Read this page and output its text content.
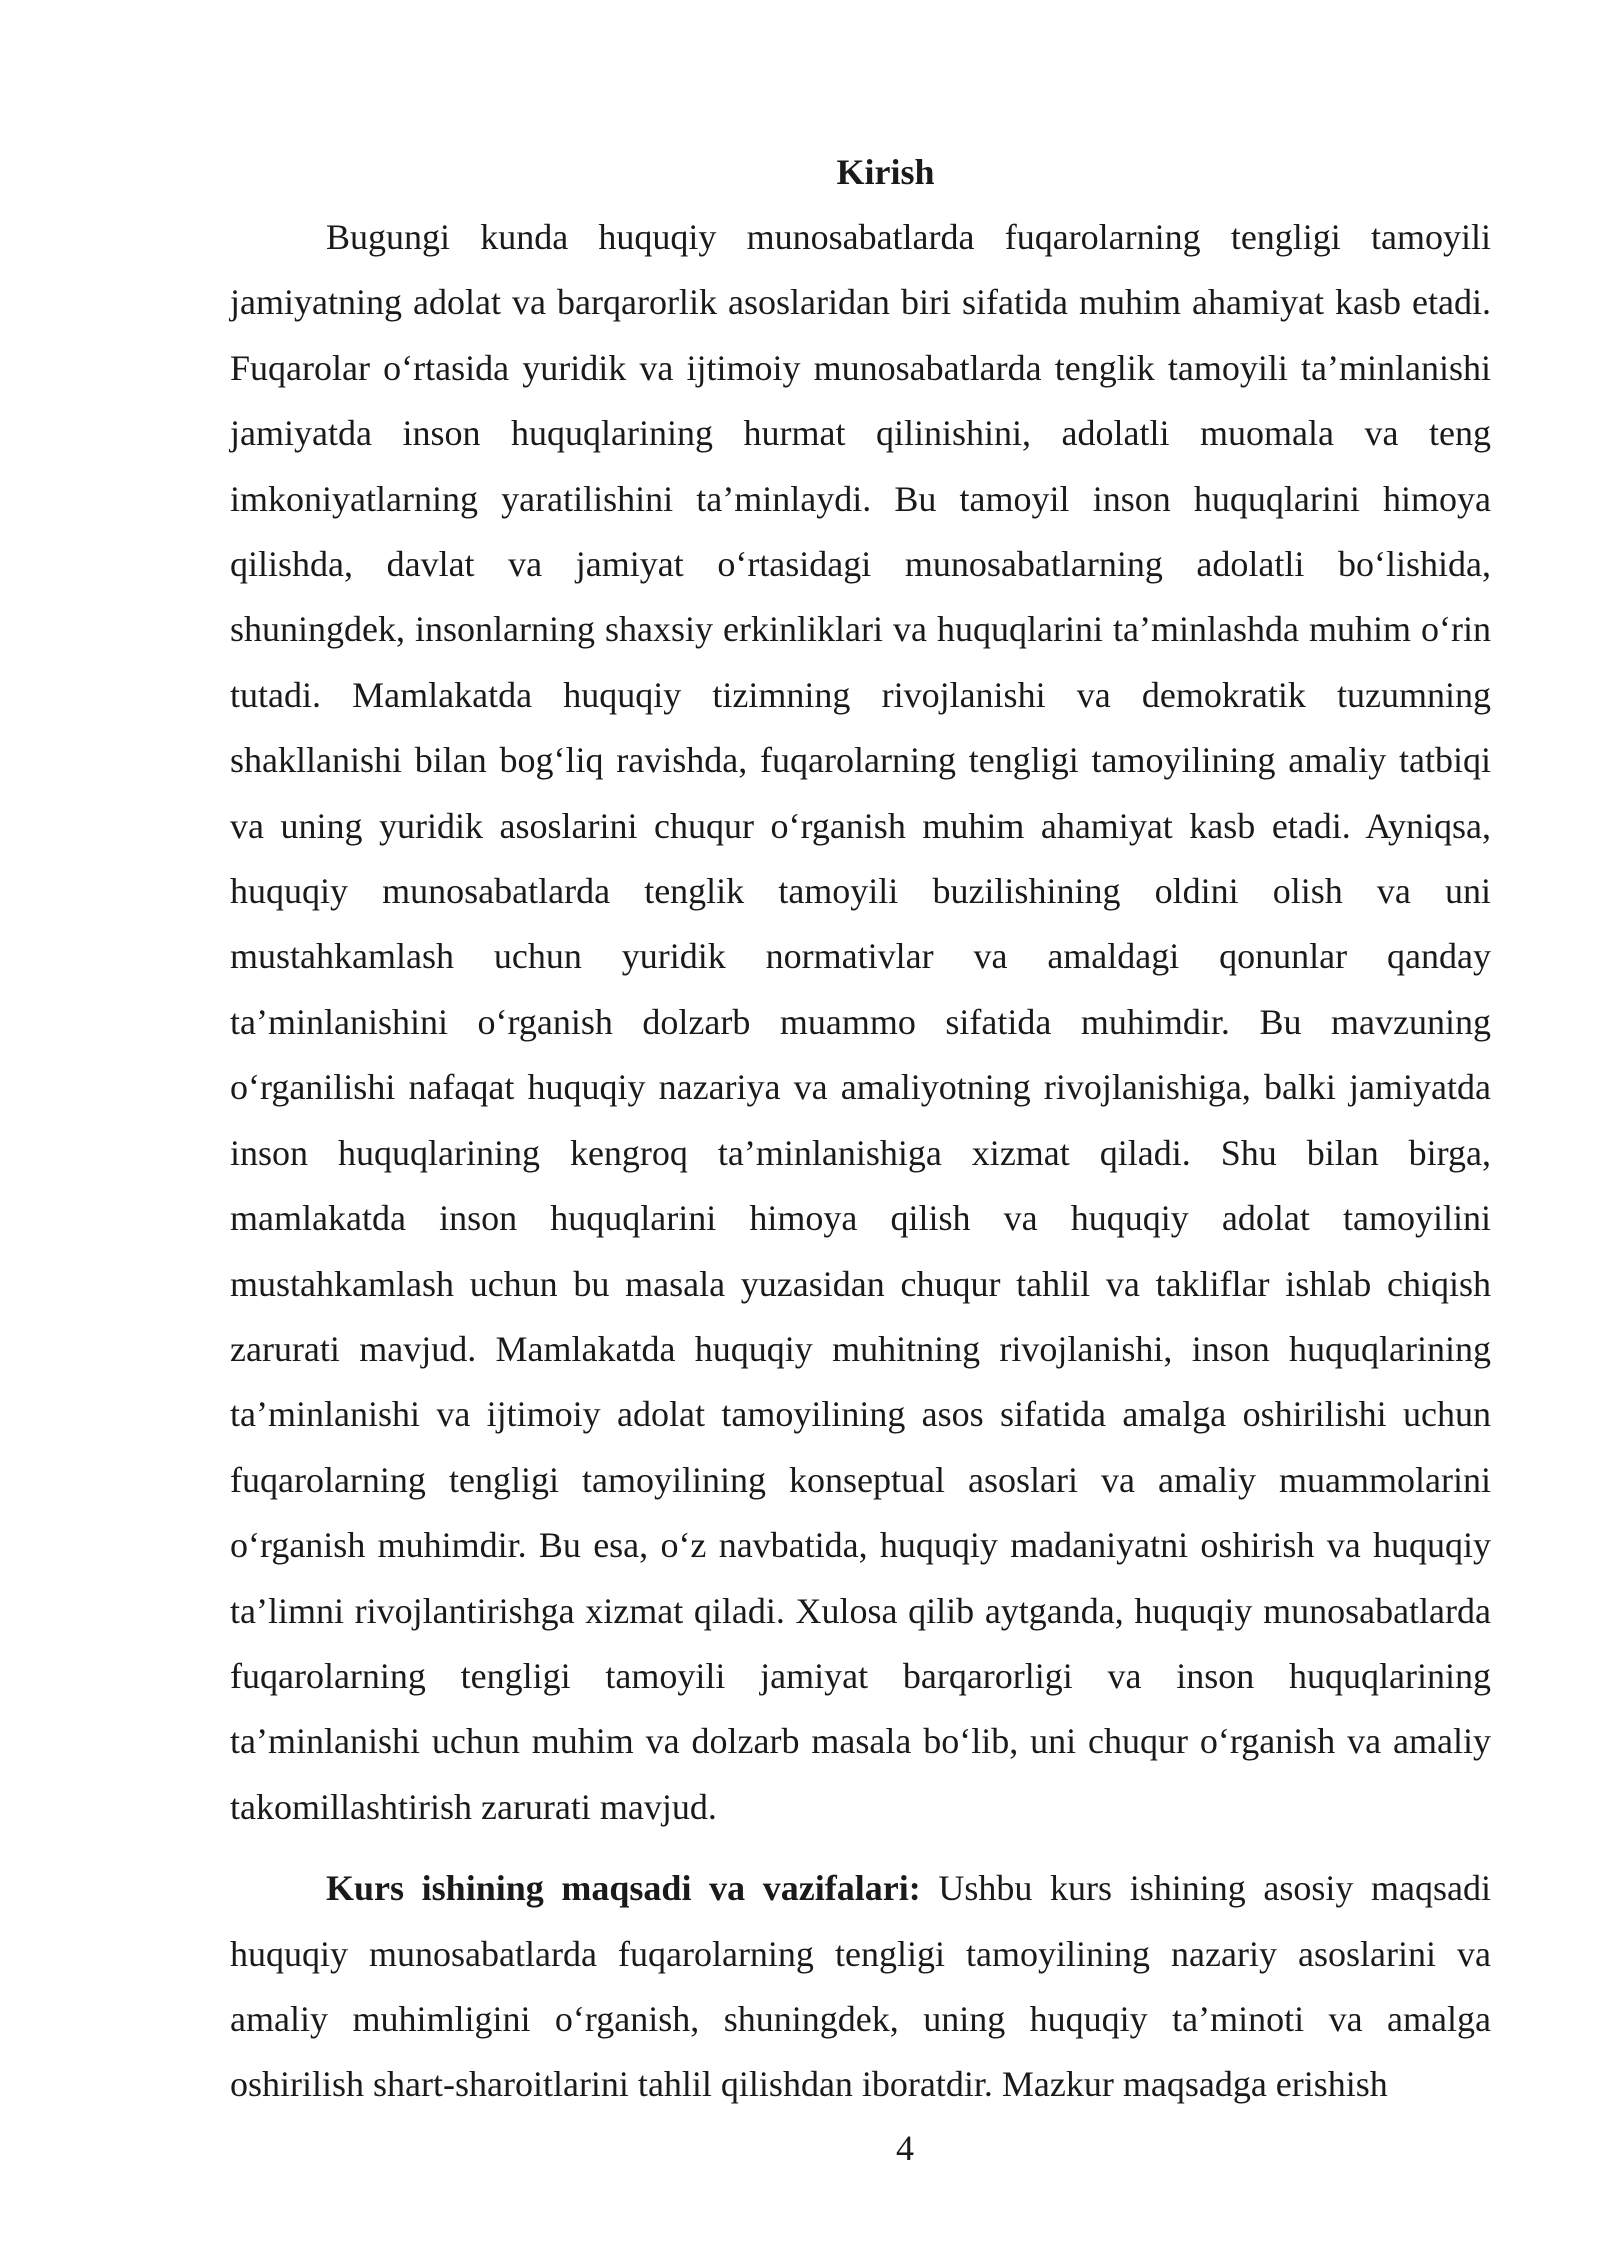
Kirish

Bugungi kunda huquqiy munosabatlarda fuqarolarning tengligi tamoyili jamiyatning adolat va barqarorlik asoslaridan biri sifatida muhim ahamiyat kasb etadi. Fuqarolar o‘rtasida yuridik va ijtimoiy munosabatlarda tenglik tamoyili ta’minlanishi jamiyatda inson huquqlarining hurmat qilinishini, adolatli muomala va teng imkoniyatlarning yaratilishini ta’minlaydi. Bu tamoyil inson huquqlarini himoya qilishda, davlat va jamiyat o‘rtasidagi munosabatlarning adolatli bo‘lishida, shuningdek, insonlarning shaxsiy erkinliklari va huquqlarini ta’minlashda muhim o‘rin tutadi. Mamlakatda huquqiy tizimning rivojlanishi va demokratik tuzumning shakllanishi bilan bog‘liq ravishda, fuqarolarning tengligi tamoyilining amaliy tatbiqi va uning yuridik asoslarini chuqur o‘rganish muhim ahamiyat kasb etadi. Ayniqsa, huquqiy munosabatlarda tenglik tamoyili buzilishining oldini olish va uni mustahkamlash uchun yuridik normativlar va amaldagi qonunlar qanday ta’minlanishini o‘rganish dolzarb muammo sifatida muhimdir. Bu mavzuning o‘rganilishi nafaqat huquqiy nazariya va amaliyotning rivojlanishiga, balki jamiyatda inson huquqlarining kengroq ta’minlanishiga xizmat qiladi. Shu bilan birga, mamlakatda inson huquqlarini himoya qilish va huquqiy adolat tamoyilini mustahkamlash uchun bu masala yuzasidan chuqur tahlil va takliflar ishlab chiqish zarurati mavjud. Mamlakatda huquqiy muhitning rivojlanishi, inson huquqlarining ta’minlanishi va ijtimoiy adolat tamoyilining asos sifatida amalga oshirilishi uchun fuqarolarning tengligi tamoyilining konseptual asoslari va amaliy muammolarini o‘rganish muhimdir. Bu esa, o‘z navbatida, huquqiy madaniyatni oshirish va huquqiy ta’limni rivojlantirishga xizmat qiladi. Xulosa qilib aytganda, huquqiy munosabatlarda fuqarolarning tengligi tamoyili jamiyat barqarorligi va inson huquqlarining ta’minlanishi uchun muhim va dolzarb masala bo‘lib, uni chuqur o‘rganish va amaliy takomillashtirish zarurati mavjud.

Kurs ishining maqsadi va vazifalari: Ushbu kurs ishining asosiy maqsadi huquqiy munosabatlarda fuqarolarning tengligi tamoyilining nazariy asoslarini va amaliy muhimligini o‘rganish, shuningdek, uning huquqiy ta’minoti va amalga oshirilish shart-sharoitlarini tahlil qilishdan iboratdir. Mazkur maqsadga erishish

4
